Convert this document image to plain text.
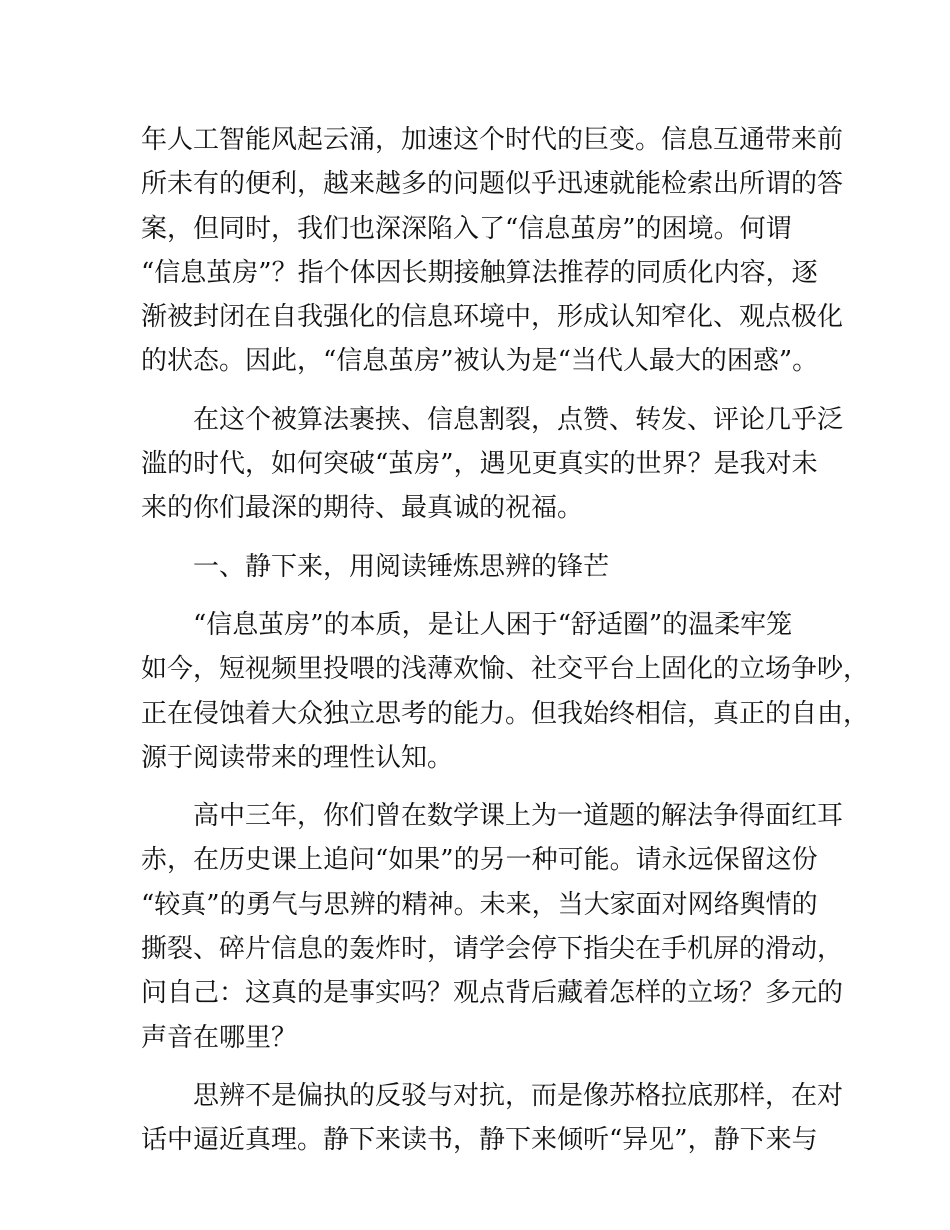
年人工智能风起云涌，加速这个时代的巨变。信息互通带来前
所未有的便利，越来越多的问题似乎迅速就能检索出所谓的答
案，但同时，我们也深深陷入了“信息茧房”的困境。何谓
“信息茧房”？指个体因长期接触算法推荐的同质化内容，逐
渐被封闭在自我强化的信息环境中，形成认知窄化、观点极化
的状态。因此，“信息茧房”被认为是“当代人最大的困惑”。
　　在这个被算法裹挟、信息割裂，点赞、转发、评论几乎泛
滥的时代，如何突破“茧房”，遇见更真实的世界？是我对未
来的你们最深的期待、最真诚的祝福。
　　一、静下来，用阅读锤炼思辨的锋芒
　　“信息茧房”的本质，是让人困于“舒适圈”的温柔牢笼
如今，短视频里投喂的浅薄欢愉、社交平台上固化的立场争吵，
正在侵蚀着大众独立思考的能力。但我始终相信，真正的自由，
源于阅读带来的理性认知。
　　高中三年，你们曾在数学课上为一道题的解法争得面红耳
赤，在历史课上追问“如果”的另一种可能。请永远保留这份
“较真”的勇气与思辨的精神。未来，当大家面对网络舆情的
撕裂、碎片信息的轰炸时，请学会停下指尖在手机屏的滑动，
问自己：这真的是事实吗？观点背后藏着怎样的立场？多元的
声音在哪里？
　　思辨不是偏执的反驳与对抗，而是像苏格拉底那样，在对
话中逼近真理。静下来读书，静下来倾听“异见”，静下来与
